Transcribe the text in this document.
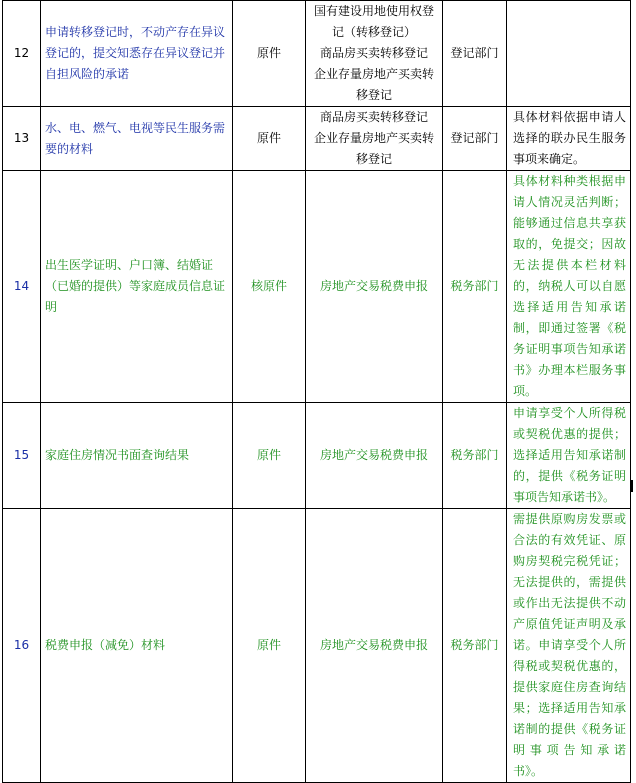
12	申请转移登记时，不动产存在异议登记的，提交知悉存在异议登记并自担风险的承诺	原件	国有建设用地使用权登记（转移登记）
商品房买卖转移登记
企业存量房地产买卖转移登记	登记部门	
13	水、电、燃气、电视等民生服务需要的材料	原件	商品房买卖转移登记
企业存量房地产买卖转移登记	登记部门	具体材料依据申请人选择的联办民生服务事项来确定。
14	出生医学证明、户口簿、结婚证（已婚的提供）等家庭成员信息证明	核原件	房地产交易税费申报	税务部门	具体材料种类根据申请人情况灵活判断；能够通过信息共享获取的，免提交；因故无法提供本栏材料的，纳税人可以自愿选择适用告知承诺制，即通过签署《税务证明事项告知承诺书》办理本栏服务事项。
15	家庭住房情况书面查询结果	原件	房地产交易税费申报	税务部门	申请享受个人所得税或契税优惠的提供；选择适用告知承诺制的，提供《税务证明事项告知承诺书》。
16	税费申报（减免）材料	原件	房地产交易税费申报	税务部门	需提供原购房发票或合法的有效凭证、原购房契税完税凭证；无法提供的，需提供或作出无法提供不动产原值凭证声明及承诺。申请享受个人所得税或契税优惠的，提供家庭住房查询结果；选择适用告知承诺制的提供《税务证明事项告知承诺书》。
